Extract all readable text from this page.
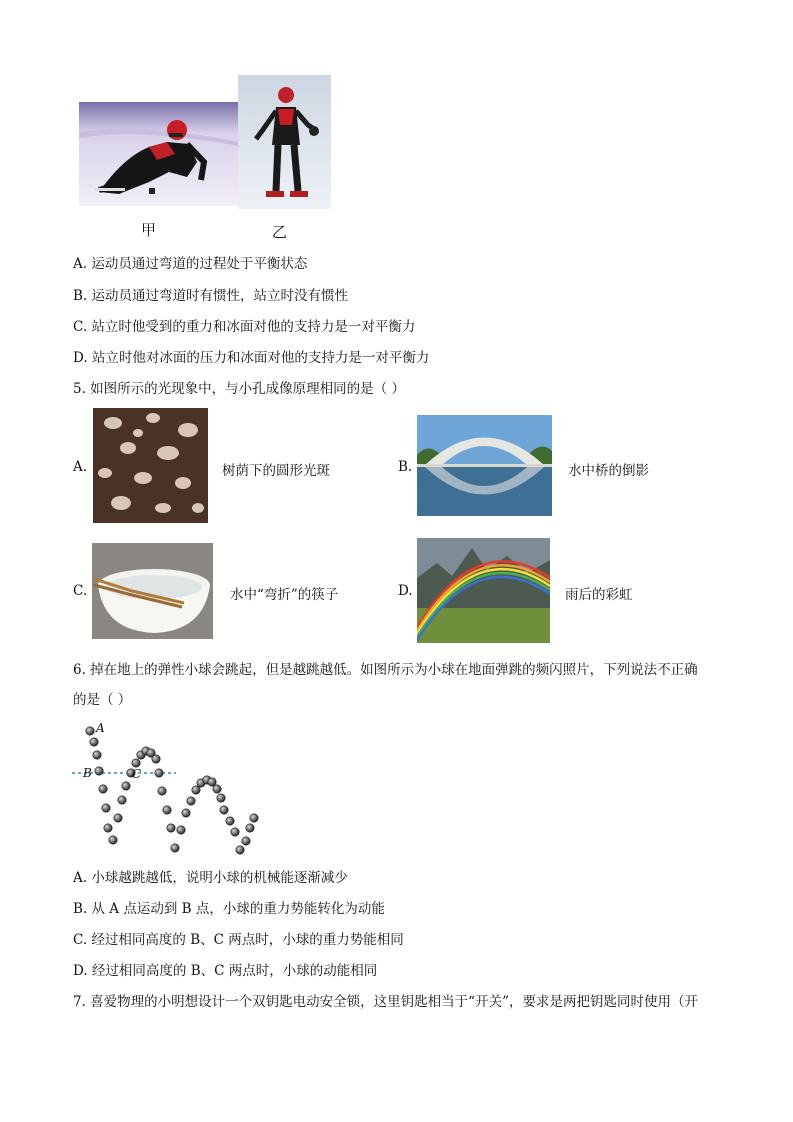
甲	乙
A. 运动员通过弯道的过程处于平衡状态
B. 运动员通过弯道时有惯性，站立时没有惯性
C. 站立时他受到的重力和冰面对他的支持力是一对平衡力
D. 站立时他对冰面的压力和冰面对他的支持力是一对平衡力
5. 如图所示的光现象中，与小孔成像原理相同的是（ ）
A.	树荫下的圆形光斑	B.	水中桥的倒影
C.	水中“弯折”的筷子	D.	雨后的彩虹
6. 掉在地上的弹性小球会跳起，但是越跳越低。如图所示为小球在地面弹跳的频闪照片，下列说法不正确
的是（ ）
A
B	C
A. 小球越跳越低，说明小球的机械能逐渐减少
B. 从 A 点运动到 B 点，小球的重力势能转化为动能
C. 经过相同高度的 B、C 两点时，小球的重力势能相同
D. 经过相同高度的 B、C 两点时，小球的动能相同
7. 喜爱物理的小明想设计一个双钥匙电动安全锁，这里钥匙相当于“开关”，要求是两把钥匙同时使用（开
